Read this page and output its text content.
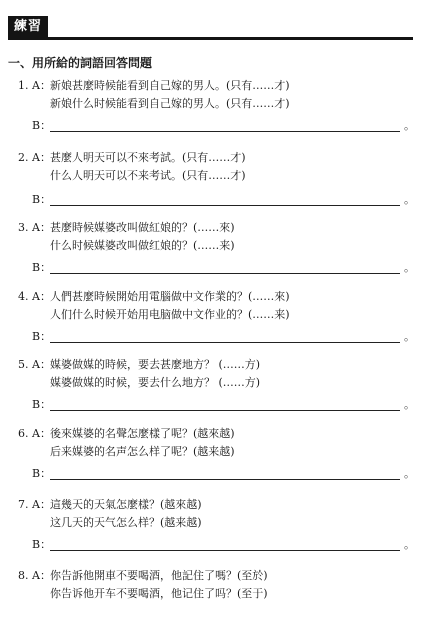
練習
一、用所給的詞語回答問題
1. A： 新娘甚麼時候能看到自己嫁的男人。(只有……才)
新娘什么时候能看到自己嫁的男人。(只有……才)
B：	。
2. A： 甚麼人明天可以不來考試。(只有……才)
什么人明天可以不来考试。(只有……才)
B：	。
3. A： 甚麼時候媒婆改叫做紅娘的？(……來)
什么时候媒婆改叫做红娘的？(……来)
B：	。
4. A： 人們甚麼時候開始用電腦做中文作業的？(……來)
人们什么时候开始用电脑做中文作业的？(……来)
B：	。
5. A： 媒婆做媒的時候，要去甚麼地方？ (……方)
媒婆做媒的时候，要去什么地方？ (……方)
B：	。
6. A： 後來媒婆的名聲怎麼樣了呢？(越來越)
后来媒婆的名声怎么样了呢？(越来越)
B：	。
7. A： 這幾天的天氣怎麼樣？(越來越)
这几天的天气怎么样？(越来越)
B：	。
8. A： 你告訴他開車不要喝酒，他記住了嗎？(至於)
你告诉他开车不要喝酒，他记住了吗？(至于)
